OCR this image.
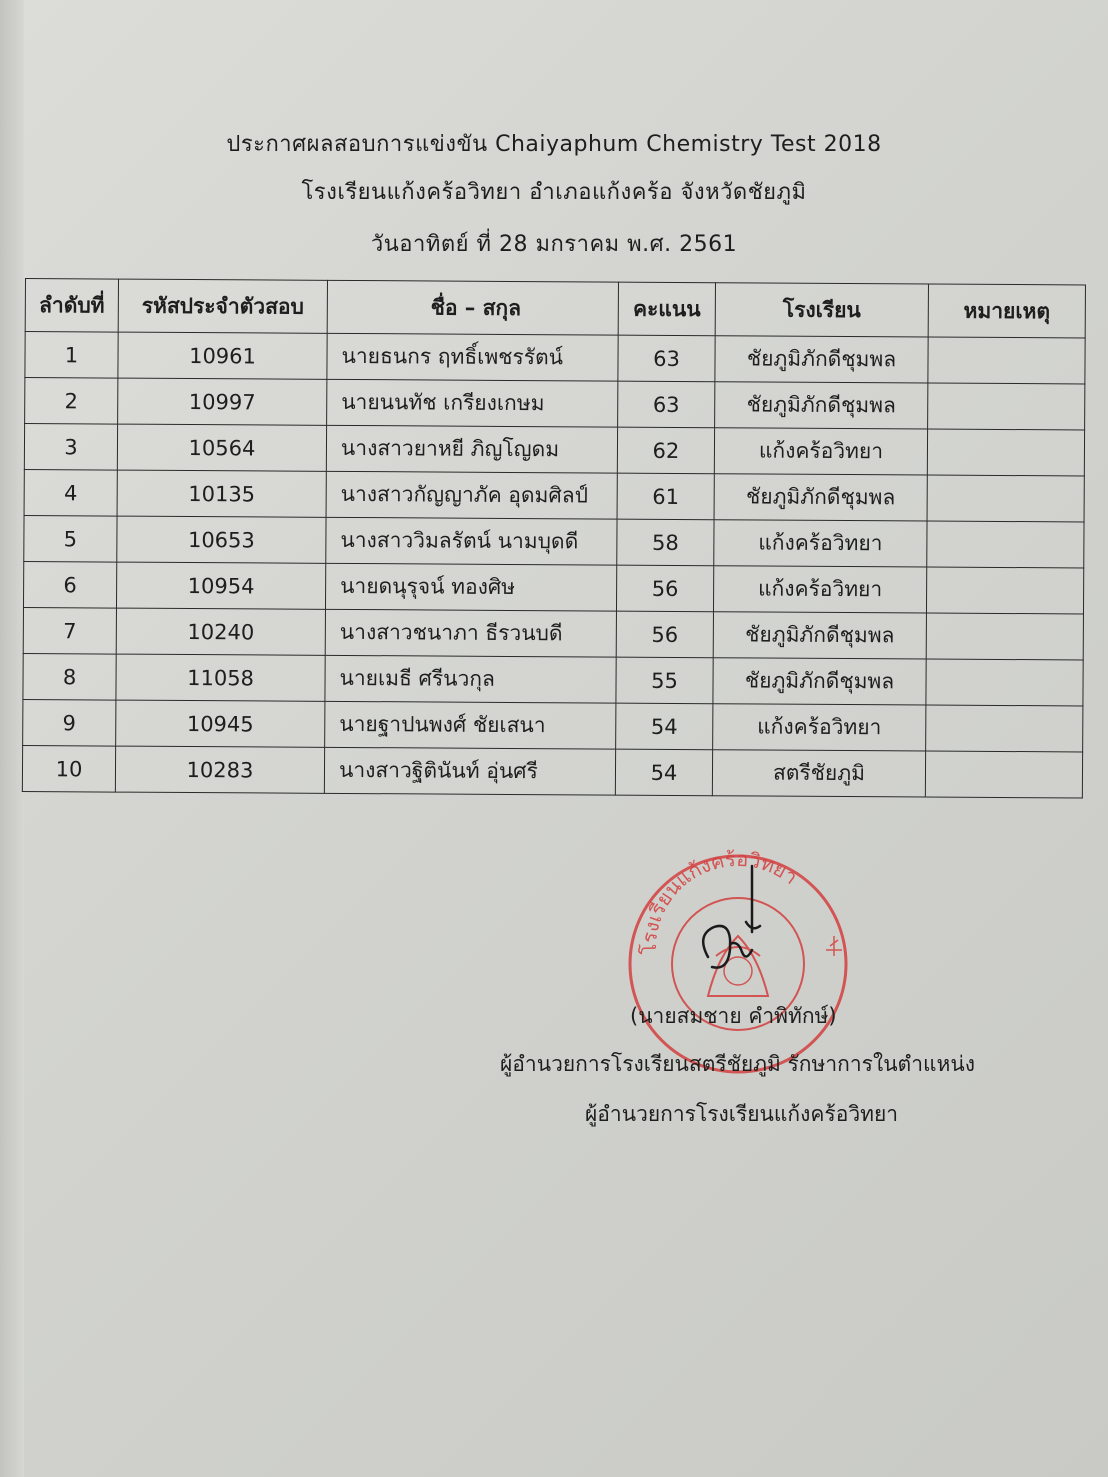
ประกาศผลสอบการแข่งขัน Chaiyaphum Chemistry Test 2018
โรงเรียนแก้งคร้อวิทยา อำเภอแก้งคร้อ จังหวัดชัยภูมิ
วันอาทิตย์ ที่ 28 มกราคม พ.ศ. 2561
ลำดับที่	รหัสประจำตัวสอบ	ชื่อ – สกุล	คะแนน	โรงเรียน	หมายเหตุ
1	10961	นายธนกร ฤทธิ์เพชรรัตน์	63	ชัยภูมิภักดีชุมพล	
2	10997	นายนนทัช เกรียงเกษม	63	ชัยภูมิภักดีชุมพล	
3	10564	นางสาวยาหยี ภิญโญดม	62	แก้งคร้อวิทยา	
4	10135	นางสาวกัญญาภัค อุดมศิลป์	61	ชัยภูมิภักดีชุมพล	
5	10653	นางสาววิมลรัตน์ นามบุดดี	58	แก้งคร้อวิทยา	
6	10954	นายดนุรุจน์ ทองศิษ	56	แก้งคร้อวิทยา	
7	10240	นางสาวชนาภา ธีรวนบดี	56	ชัยภูมิภักดีชุมพล	
8	11058	นายเมธี ศรีนวกุล	55	ชัยภูมิภักดีชุมพล	
9	10945	นายฐาปนพงศ์ ชัยเสนา	54	แก้งคร้อวิทยา	
10	10283	นางสาวฐิตินันท์ อุ่นศรี	54	สตรีชัยภูมิ	
โรงเรียนแก้งคร้อวิทยา
(นายสมชาย คำพิทักษ์)
ผู้อำนวยการโรงเรียนสตรีชัยภูมิ รักษาการในตำแหน่ง
ผู้อำนวยการโรงเรียนแก้งคร้อวิทยา
